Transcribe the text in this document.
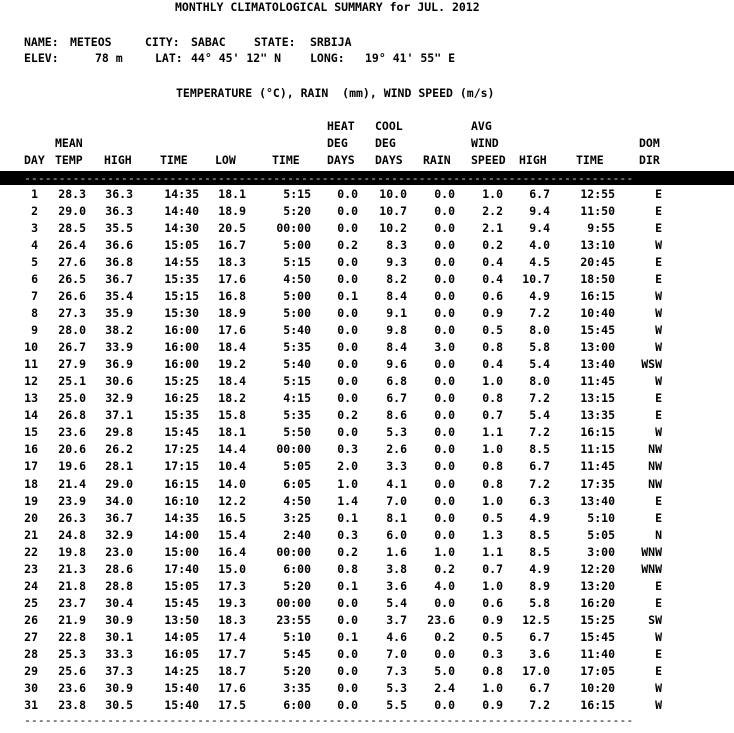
MONTHLY CLIMATOLOGICAL SUMMARY for JUL. 2012
NAME: METEOS	CITY: SABAC STATE: SRBIJA
ELEV:	78 m	LAT: 44° 45' 12" N	LONG: 19° 41' 55" E
TEMPERATURE (°C), RAIN  (mm), WIND SPEED (m/s)
HEAT COOL	AVG
MEAN	DEG DEG	WIND	DOM
DAY TEMP HIGH TIME LOW	TIME DAYS DAYS RAIN SPEED HIGH	TIME	DIR
----------------------------------------------------------------------------------------
1 28.3 36.3	14:35 18.1	5:15 0.0 10.0 0.0 1.0 6.7	12:55	E
2 29.0 36.3	14:40 18.9	5:20 0.0 10.7 0.0 2.2 9.4	11:50	E
3 28.5 35.5	14:30 20.5	00:00 0.0 10.2 0.0 2.1 9.4	9:55	E
4 26.4 36.6	15:05 16.7	5:00 0.2 8.3 0.0 0.2 4.0	13:10	W
5 27.6 36.8	14:55 18.3	5:15 0.0 9.3 0.0 0.4 4.5	20:45	E
6 26.5 36.7	15:35 17.6	4:50 0.0 8.2 0.0 0.4 10.7	18:50	E
7 26.6 35.4	15:15 16.8	5:00 0.1 8.4 0.0 0.6 4.9	16:15	W
8 27.3 35.9	15:30 18.9	5:00 0.0 9.1 0.0 0.9 7.2	10:40	W
9 28.0 38.2	16:00 17.6	5:40 0.0 9.8 0.0 0.5 8.0	15:45	W
10 26.7 33.9	16:00 18.4	5:35 0.0 8.4 3.0 0.8 5.8	13:00	W
11 27.9 36.9	16:00 19.2	5:40 0.0 9.6 0.0 0.4 5.4	13:40 WSW
12 25.1 30.6	15:25 18.4	5:15 0.0 6.8 0.0 1.0 8.0	11:45	W
13 25.0 32.9	16:25 18.2	4:15 0.0 6.7 0.0 0.8 7.2	13:15	E
14 26.8 37.1	15:35 15.8	5:35 0.2 8.6 0.0 0.7 5.4	13:35	E
15 23.6 29.8	15:45 18.1	5:50 0.0 5.3 0.0 1.1 7.2	16:15	W
16 20.6 26.2	17:25 14.4	00:00 0.3 2.6 0.0 1.0 8.5	11:15	NW
17 19.6 28.1	17:15 10.4	5:05 2.0 3.3 0.0 0.8 6.7	11:45	NW
18 21.4 29.0	16:15 14.0	6:05 1.0 4.1 0.0 0.8 7.2	17:35	NW
19 23.9 34.0	16:10 12.2	4:50 1.4 7.0 0.0 1.0 6.3	13:40	E
20 26.3 36.7	14:35 16.5	3:25 0.1 8.1 0.0 0.5 4.9	5:10	E
21 24.8 32.9	14:00 15.4	2:40 0.3 6.0 0.0 1.3 8.5	5:05	N
22 19.8 23.0	15:00 16.4	00:00 0.2 1.6 1.0 1.1 8.5	3:00 WNW
23 21.3 28.6	17:40 15.0	6:00 0.8 3.8 0.2 0.7 4.9	12:20 WNW
24 21.8 28.8	15:05 17.3	5:20 0.1 3.6 4.0 1.0 8.9	13:20	E
25 23.7 30.4	15:45 19.3	00:00 0.0 5.4 0.0 0.6 5.8	16:20	E
26 21.9 30.9	13:50 18.3	23:55 0.0 3.7 23.6 0.9 12.5	15:25	SW
27 22.8 30.1	14:05 17.4	5:10 0.1 4.6 0.2 0.5 6.7	15:45	W
28 25.3 33.3	16:05 17.7	5:45 0.0 7.0 0.0 0.3 3.6	11:40	E
29 25.6 37.3	14:25 18.7	5:20 0.0 7.3 5.0 0.8 17.0	17:05	E
30 23.6 30.9	15:40 17.6	3:35 0.0 5.3 2.4 1.0 6.7	10:20	W
31 23.8 30.5	15:40 17.5	6:00 0.0 5.5 0.0 0.9 7.2	16:15	W
----------------------------------------------------------------------------------------
